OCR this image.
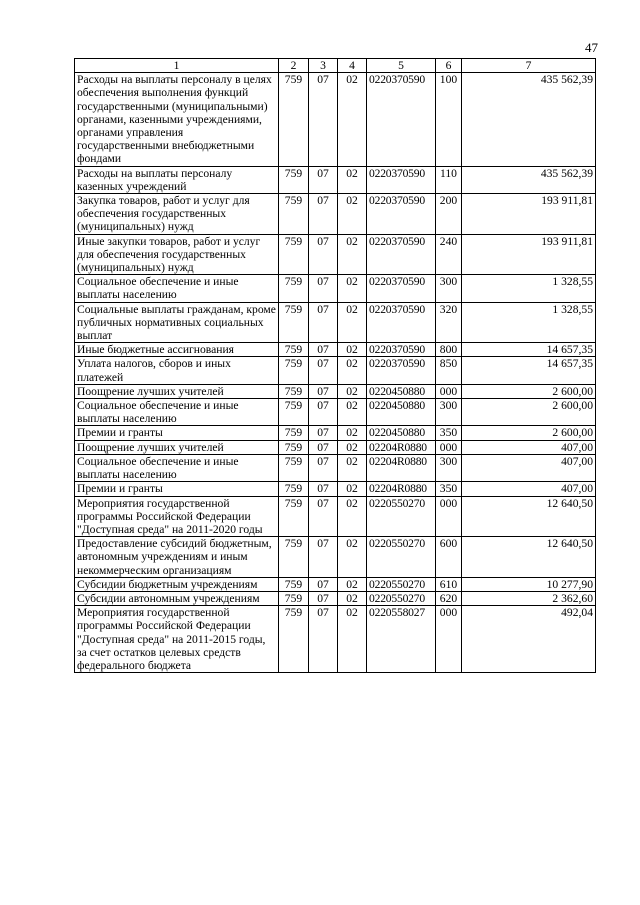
47
1	2	3	4	5	6	7
Расходы на выплаты персоналу в целях обеспечения выполнения функций государственными (муниципальными) органами, казенными учреждениями, органами управления государственными внебюджетными фондами	759	07	02	0220370590	100	435 562,39
Расходы на выплаты персоналу казенных учреждений	759	07	02	0220370590	110	435 562,39
Закупка товаров, работ и услуг для обеспечения государственных (муниципальных) нужд	759	07	02	0220370590	200	193 911,81
Иные закупки товаров, работ и услуг для обеспечения государственных (муниципальных) нужд	759	07	02	0220370590	240	193 911,81
Социальное обеспечение и иные выплаты населению	759	07	02	0220370590	300	1 328,55
Социальные выплаты гражданам, кроме публичных нормативных социальных выплат	759	07	02	0220370590	320	1 328,55
Иные бюджетные ассигнования	759	07	02	0220370590	800	14 657,35
Уплата налогов, сборов и иных платежей	759	07	02	0220370590	850	14 657,35
Поощрение лучших учителей	759	07	02	0220450880	000	2 600,00
Социальное обеспечение и иные выплаты населению	759	07	02	0220450880	300	2 600,00
Премии и гранты	759	07	02	0220450880	350	2 600,00
Поощрение лучших учителей	759	07	02	02204R0880	000	407,00
Социальное обеспечение и иные выплаты населению	759	07	02	02204R0880	300	407,00
Премии и гранты	759	07	02	02204R0880	350	407,00
Мероприятия государственной программы Российской Федерации "Доступная среда" на 2011-2020 годы	759	07	02	0220550270	000	12 640,50
Предоставление субсидий бюджетным, автономным учреждениям и иным некоммерческим организациям	759	07	02	0220550270	600	12 640,50
Субсидии бюджетным учреждениям	759	07	02	0220550270	610	10 277,90
Субсидии автономным учреждениям	759	07	02	0220550270	620	2 362,60
Мероприятия государственной программы Российской Федерации "Доступная среда" на 2011-2015 годы, за счет остатков целевых средств федерального бюджета	759	07	02	0220558027	000	492,04
